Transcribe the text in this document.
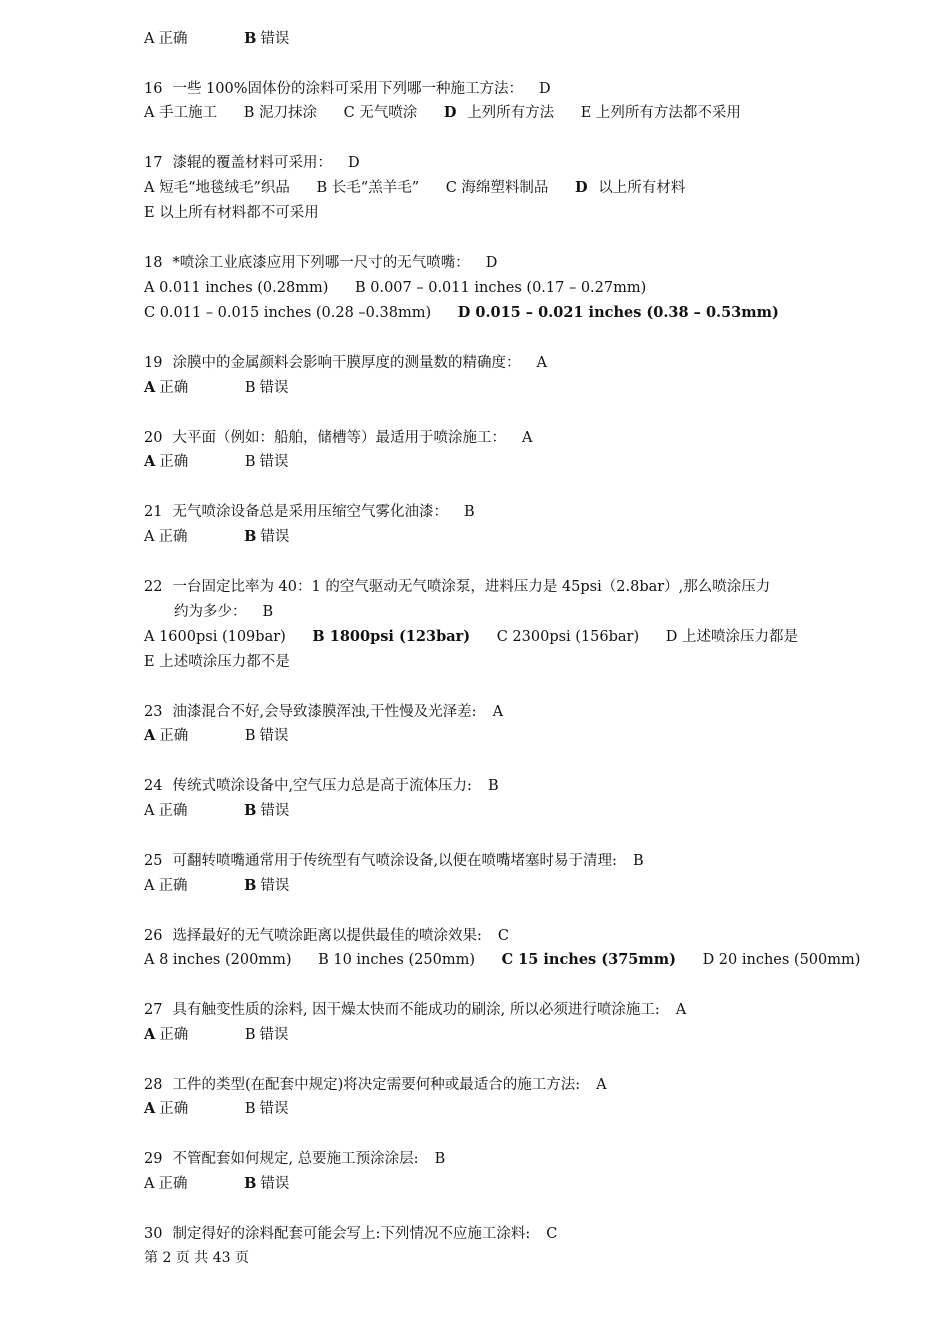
A 正确	B 错误
16 一些 100%固体份的涂料可采用下列哪一种施工方法： D
A 手工施工 B 泥刀抹涂 C 无气喷涂 D 上列所有方法 E 上列所有方法都不采用
17 漆辊的覆盖材料可采用： D
A 短毛“地毯绒毛”织品 B 长毛“羔羊毛” C 海绵塑料制品 D 以上所有材料
E 以上所有材料都不可采用
18 *喷涂工业底漆应用下列哪一尺寸的无气喷嘴： D
A 0.011 inches (0.28mm) B 0.007 – 0.011 inches (0.17 – 0.27mm)
C 0.011 – 0.015 inches (0.28 –0.38mm) D 0.015 – 0.021 inches (0.38 – 0.53mm)
19 涂膜中的金属颜料会影响干膜厚度的测量数的精确度： A
A 正确	B 错误
20 大平面（例如：船舶，储槽等）最适用于喷涂施工： A
A 正确	B 错误
21 无气喷涂设备总是采用压缩空气雾化油漆： B
A 正确	B 错误
22 一台固定比率为 40：1 的空气驱动无气喷涂泵，进料压力是 45psi（2.8bar）,那么喷涂压力
约为多少： B
A 1600psi (109bar) B 1800psi (123bar) C 2300psi (156bar) D 上述喷涂压力都是
E 上述喷涂压力都不是
23 油漆混合不好,会导致漆膜浑浊,干性慢及光泽差: A
A 正确	B 错误
24 传统式喷涂设备中,空气压力总是高于流体压力: B
A 正确	B 错误
25 可翻转喷嘴通常用于传统型有气喷涂设备,以便在喷嘴堵塞时易于清理: B
A 正确	B 错误
26 选择最好的无气喷涂距离以提供最佳的喷涂效果: C
A 8 inches (200mm) B 10 inches (250mm) C 15 inches (375mm) D 20 inches (500mm)
27 具有触变性质的涂料, 因干燥太快而不能成功的刷涂, 所以必须进行喷涂施工: A
A 正确	B 错误
28 工件的类型(在配套中规定)将决定需要何种或最适合的施工方法: A
A 正确	B 错误
29 不管配套如何规定, 总要施工预涂涂层: B
A 正确	B 错误
30 制定得好的涂料配套可能会写上:下列情况不应施工涂料: C
第 2 页 共 43 页
